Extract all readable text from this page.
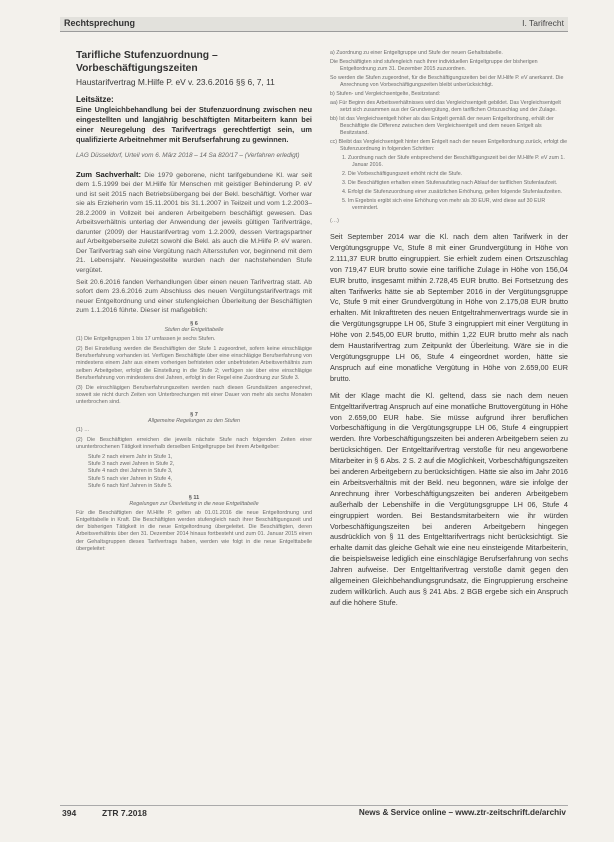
Rechtsprechung	I. Tarifrecht

Tarifliche Stufenzuordnung – Vorbeschäftigungszeiten

Haustarifvertrag M.Hilfe P. eV v. 23.6.2016 §§ 6, 7, 11

Leitsätze:

Eine Ungleichbehandlung bei der Stufenzuordnung zwischen neu eingestellten und langjährig beschäftigten Mitarbeitern kann bei einer Neuregelung des Tarifvertrags gerechtfertigt sein, um qualifizierte Arbeitnehmer mit Berufserfahrung zu gewinnen.

LAG Düsseldorf, Urteil vom 6. März 2018 – 14 Sa 820/17 – (Verfahren erledigt)

Zum Sachverhalt: Die 1979 geborene, nicht tarifgebundene Kl. war seit dem 1.5.1999 bei der M.Hilfe für Menschen mit geistiger Behinderung P. eV und ist seit 2015 nach Betriebsübergang bei der Bekl. beschäftigt. Vorher war sie als Erzieherin vom 15.11.2001 bis 31.1.2007 in Teilzeit und vom 1.2.2003–28.2.2009 in Vollzeit bei anderen Arbeitgebern beschäftigt gewesen. Das Arbeitsverhältnis unterlag der Anwendung der jeweils gültigen Tarifverträge, darunter (2009) der Haustarifvertrag vom 1.2.2009, dessen Vertragspartner auf Arbeitgeberseite zuletzt sowohl die Bekl. als auch die M.Hilfe P. eV waren. Der Tarifvertrag sah eine Vergütung nach Altersstufen vor, beginnend mit dem 21. Lebensjahr. Neueingestellte wurden nach der nachstehenden Stufe vergütet.

Seit 20.6.2016 fanden Verhandlungen über einen neuen Tarifvertrag statt. Ab sofort dem 23.6.2016 zum Abschluss des neuen Vergütungstarifvertrags mit neuer Entgeltordnung und einer stufengleichen Überleitung der Beschäftigten zum 1.1.2016 führte. Dieser ist maßgeblich:

§ 6

Stufen der Entgelttabelle

(1) Die Entgeltgruppen 1 bis 17 umfassen je sechs Stufen.

(2) Bei Einstellung werden die Beschäftigten der Stufe 1 zugeordnet, sofern keine einschlägige Berufserfahrung vorhanden ist. Verfügen Beschäftigte über eine einschlägige Berufserfahrung von mindestens einem Jahr aus einem vorherigen befristeten oder unbefristeten Arbeitsverhältnis zum selben Arbeitgeber, erfolgt die Einstellung in die Stufe 2; verfügen sie über eine einschlägige Berufserfahrung von mindestens drei Jahren, erfolgt in der Regel eine Zuordnung zur Stufe 3.

(3) Die einschlägigen Berufserfahrungszeiten werden nach diesen Grundsätzen angerechnet, soweit sie nicht durch Zeiten von Unterbrechungen mit einer Dauer von mehr als sechs Monaten unterbrochen sind.

§ 7

Allgemeine Regelungen zu den Stufen

(1) …

(2) Die Beschäftigten erreichen die jeweils nächste Stufe nach folgenden Zeiten einer ununterbrochenen Tätigkeit innerhalb derselben Entgeltgruppe bei ihrem Arbeitgeber:

Stufe 2 nach einem Jahr in Stufe 1,

Stufe 3 nach zwei Jahren in Stufe 2,

Stufe 4 nach drei Jahren in Stufe 3,

Stufe 5 nach vier Jahren in Stufe 4,

Stufe 6 nach fünf Jahren in Stufe 5.

§ 11

Regelungen zur Überleitung in die neue Entgelttabelle

Für die Beschäftigten der M.Hilfe P. gelten ab 01.01.2016 die neue Entgeltordnung und Entgelttabelle in Kraft. Die Beschäftigten werden stufengleich nach ihrer Beschäftigungszeit und der bisherigen Tätigkeit in die neue Entgeltordnung übergeleitet. Die Beschäftigten, deren Arbeitsverhältnis über den 31. Dezember 2014 hinaus fortbesteht und zum 01. Januar 2015 einen der Gehaltsgruppen dieses Tarifvertrags haben, werden wie folgt in die neue Entgelttabelle übergeleitet:

a) Zuordnung zu einer Entgeltgruppe und Stufe der neuen Gehaltstabelle.

Die Beschäftigten sind stufengleich nach ihrer individuellen Entgeltgruppe der bisherigen Entgeltordnung zum 31. Dezember 2015 zuzuordnen.

So werden die Stufen zugeordnet, für die Beschäftigungszeiten bei der M.Hilfe P. eV anerkannt. Die Anrechnung von Vorbeschäftigungszeiten bleibt unberücksichtigt.

b) Stufen- und Vergleichsentgelte, Besitzstand:

aa) Für Beginn des Arbeitsverhältnisses wird das Vergleichsentgelt gebildet. Das Vergleichsentgelt setzt sich zusammen aus der Grundvergütung, dem tariflichen Ortszuschlag und der Zulage.

bb) Ist das Vergleichsentgelt höher als das Entgelt gemäß der neuen Entgeltordnung, erhält der Beschäftigte die Differenz zwischen dem Vergleichsentgelt und dem neuen Entgelt als Besitzstand.

cc) Bleibt das Vergleichsentgelt hinter dem Entgelt nach der neuen Entgeltordnung zurück, erfolgt die Stufenzuordnung in folgenden Schritten:

1. Zuordnung nach der Stufe entsprechend der Beschäftigungszeit bei der M.Hilfe P. eV zum 1. Januar 2016.

2. Die Vorbeschäftigungszeit erhöht nicht die Stufe.

3. Die Beschäftigten erhalten einen Stufenaufstieg nach Ablauf der tariflichen Stufenlaufzeit.

4. Erfolgt die Stufenzuordnung einer zusätzlichen Erhöhung, gelten folgende Stufenlaufzeiten.

5. Im Ergebnis ergibt sich eine Erhöhung von mehr als 30 EUR, wird diese auf 30 EUR vermindert.

(…)

Seit September 2014 war die Kl. nach dem alten Tarifwerk in der Vergütungsgruppe Vc, Stufe 8 mit einer Grundvergütung in Höhe von 2.111,37 EUR brutto eingruppiert. Sie erhielt zudem einen Ortszuschlag von 719,47 EUR brutto sowie eine tarifliche Zulage in Höhe von 156,04 EUR brutto, insgesamt mithin 2.728,45 EUR brutto. Bei Fortsetzung des alten Tarifwerks hätte sie ab September 2016 in der Vergütungsgruppe Vc, Stufe 9 mit einer Grundvergütung in Höhe von 2.175,08 EUR brutto erhalten. Mit Inkrafttreten des neuen Entgeltrahmenvertrags wurde sie in die Vergütungsgruppe LH 06, Stufe 3 eingruppiert mit einer Vergütung in Höhe von 2.545,00 EUR brutto, mithin 1,22 EUR brutto mehr als nach dem Haustarifvertrag zum Zeitpunkt der Überleitung. Wäre sie in die Vergütungsgruppe LH 06, Stufe 4 eingeordnet worden, hätte sie Anspruch auf eine monatliche Vergütung in Höhe von 2.659,00 EUR brutto.

Mit der Klage macht die Kl. geltend, dass sie nach dem neuen Entgelttarifvertrag Anspruch auf eine monatliche Bruttovergütung in Höhe von 2.659,00 EUR habe. Sie müsse aufgrund ihrer beruflichen Vorbeschäftigung in die Vergütungsgruppe LH 06, Stufe 4 eingruppiert werden. Ihre Vorbeschäftigungszeiten bei anderen Arbeitgebern seien zu berücksichtigen. Der Entgelttarifvertrag verstoße für neu angeworbene Mitarbeiter in § 6 Abs. 2 S. 2 auf die Möglichkeit, Vorbeschäftigungszeiten bei anderen Arbeitgebern zu berücksichtigen. Hätte sie also im Jahr 2016 ein Arbeitsverhältnis mit der Bekl. neu begonnen, wäre sie infolge der Anrechnung ihrer Vorbeschäftigungszeiten bei anderen Arbeitgebern außerhalb der Lebenshilfe in die Vergütungsgruppe LH 06, Stufe 4 eingruppiert worden. Bei Bestandsmitarbeitern wie ihr würden Vorbeschäftigungszeiten bei anderen Arbeitgebern hingegen ausdrücklich von § 11 des Entgelttarifvertrags nicht berücksichtigt. Sie erhalte damit das gleiche Gehalt wie eine neu einsteigende Mitarbeiterin, die beispielsweise lediglich eine einschlägige Berufserfahrung von sechs Jahren aufweise. Der Entgelttarifvertrag verstoße damit gegen den allgemeinen Gleichbehandlungsgrundsatz, die Eingruppierung erscheine zudem willkürlich. Auch aus § 241 Abs. 2 BGB ergebe sich ein Anspruch auf die höhere Stufe.

394	ZTR 7.2018	News & Service online – www.ztr-zeitschrift.de/archiv
